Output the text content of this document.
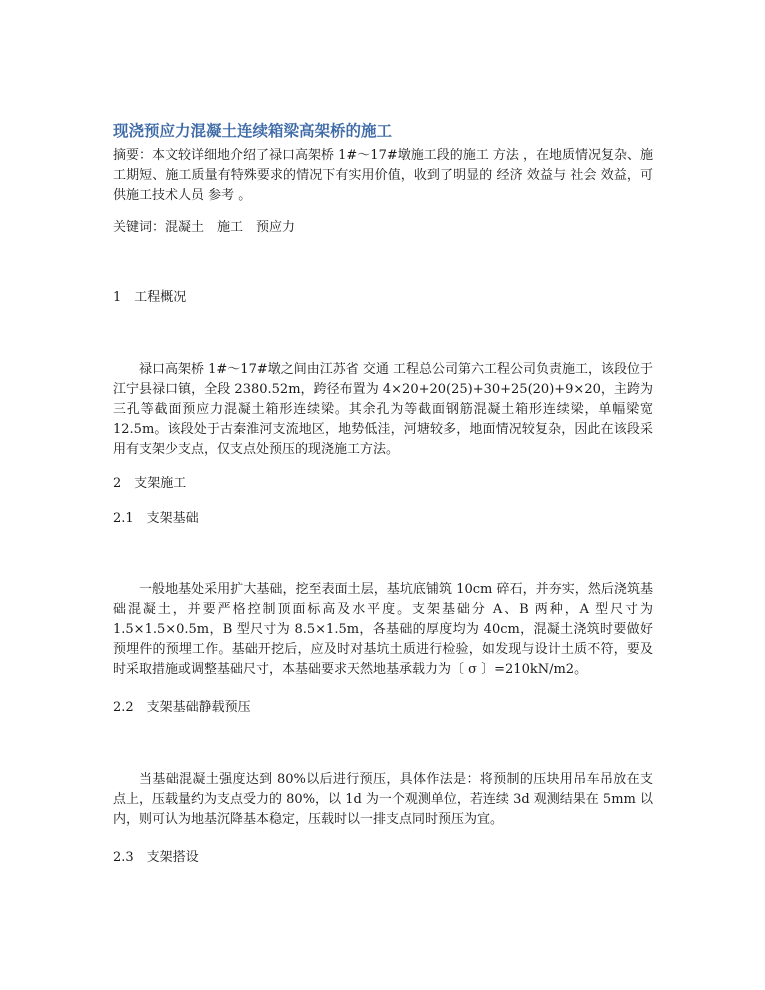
现浇预应力混凝土连续箱梁高架桥的施工
摘要：本文较详细地介绍了禄口高架桥 1#～17#墩施工段的施工 方法 ，在地质情况复杂、施工期短、施工质量有特殊要求的情况下有实用价值，收到了明显的 经济 效益与 社会 效益，可供施工技术人员 参考 。
关键词：混凝土　施工　预应力
1　工程概况
禄口高架桥 1#～17#墩之间由江苏省 交通 工程总公司第六工程公司负责施工，该段位于江宁县禄口镇，全段 2380.52m，跨径布置为 4×20+20(25)+30+25(20)+9×20，主跨为三孔等截面预应力混凝土箱形连续梁。其余孔为等截面钢筋混凝土箱形连续梁，单幅梁宽 12.5m。该段处于古秦淮河支流地区，地势低洼，河塘较多，地面情况较复杂，因此在该段采用有支架少支点，仅支点处预压的现浇施工方法。
2　支架施工
2.1　支架基础
一般地基处采用扩大基础，挖至表面土层，基坑底铺筑 10cm 碎石，并夯实，然后浇筑基础混凝土，并要严格控制顶面标高及水平度。支架基础分 A、B 两种，A 型尺寸为 1.5×1.5×0.5m，B 型尺寸为 8.5×1.5m，各基础的厚度均为 40cm，混凝土浇筑时要做好预埋件的预埋工作。基础开挖后，应及时对基坑土质进行检验，如发现与设计土质不符，要及时采取措施或调整基础尺寸，本基础要求天然地基承载力为〔 σ 〕=210kN/m2。
2.2　支架基础静载预压
当基础混凝土强度达到 80%以后进行预压，具体作法是：将预制的压块用吊车吊放在支点上，压载量约为支点受力的 80%，以 1d 为一个观测单位，若连续 3d 观测结果在 5mm 以内，则可认为地基沉降基本稳定，压载时以一排支点同时预压为宜。
2.3　支架搭设
